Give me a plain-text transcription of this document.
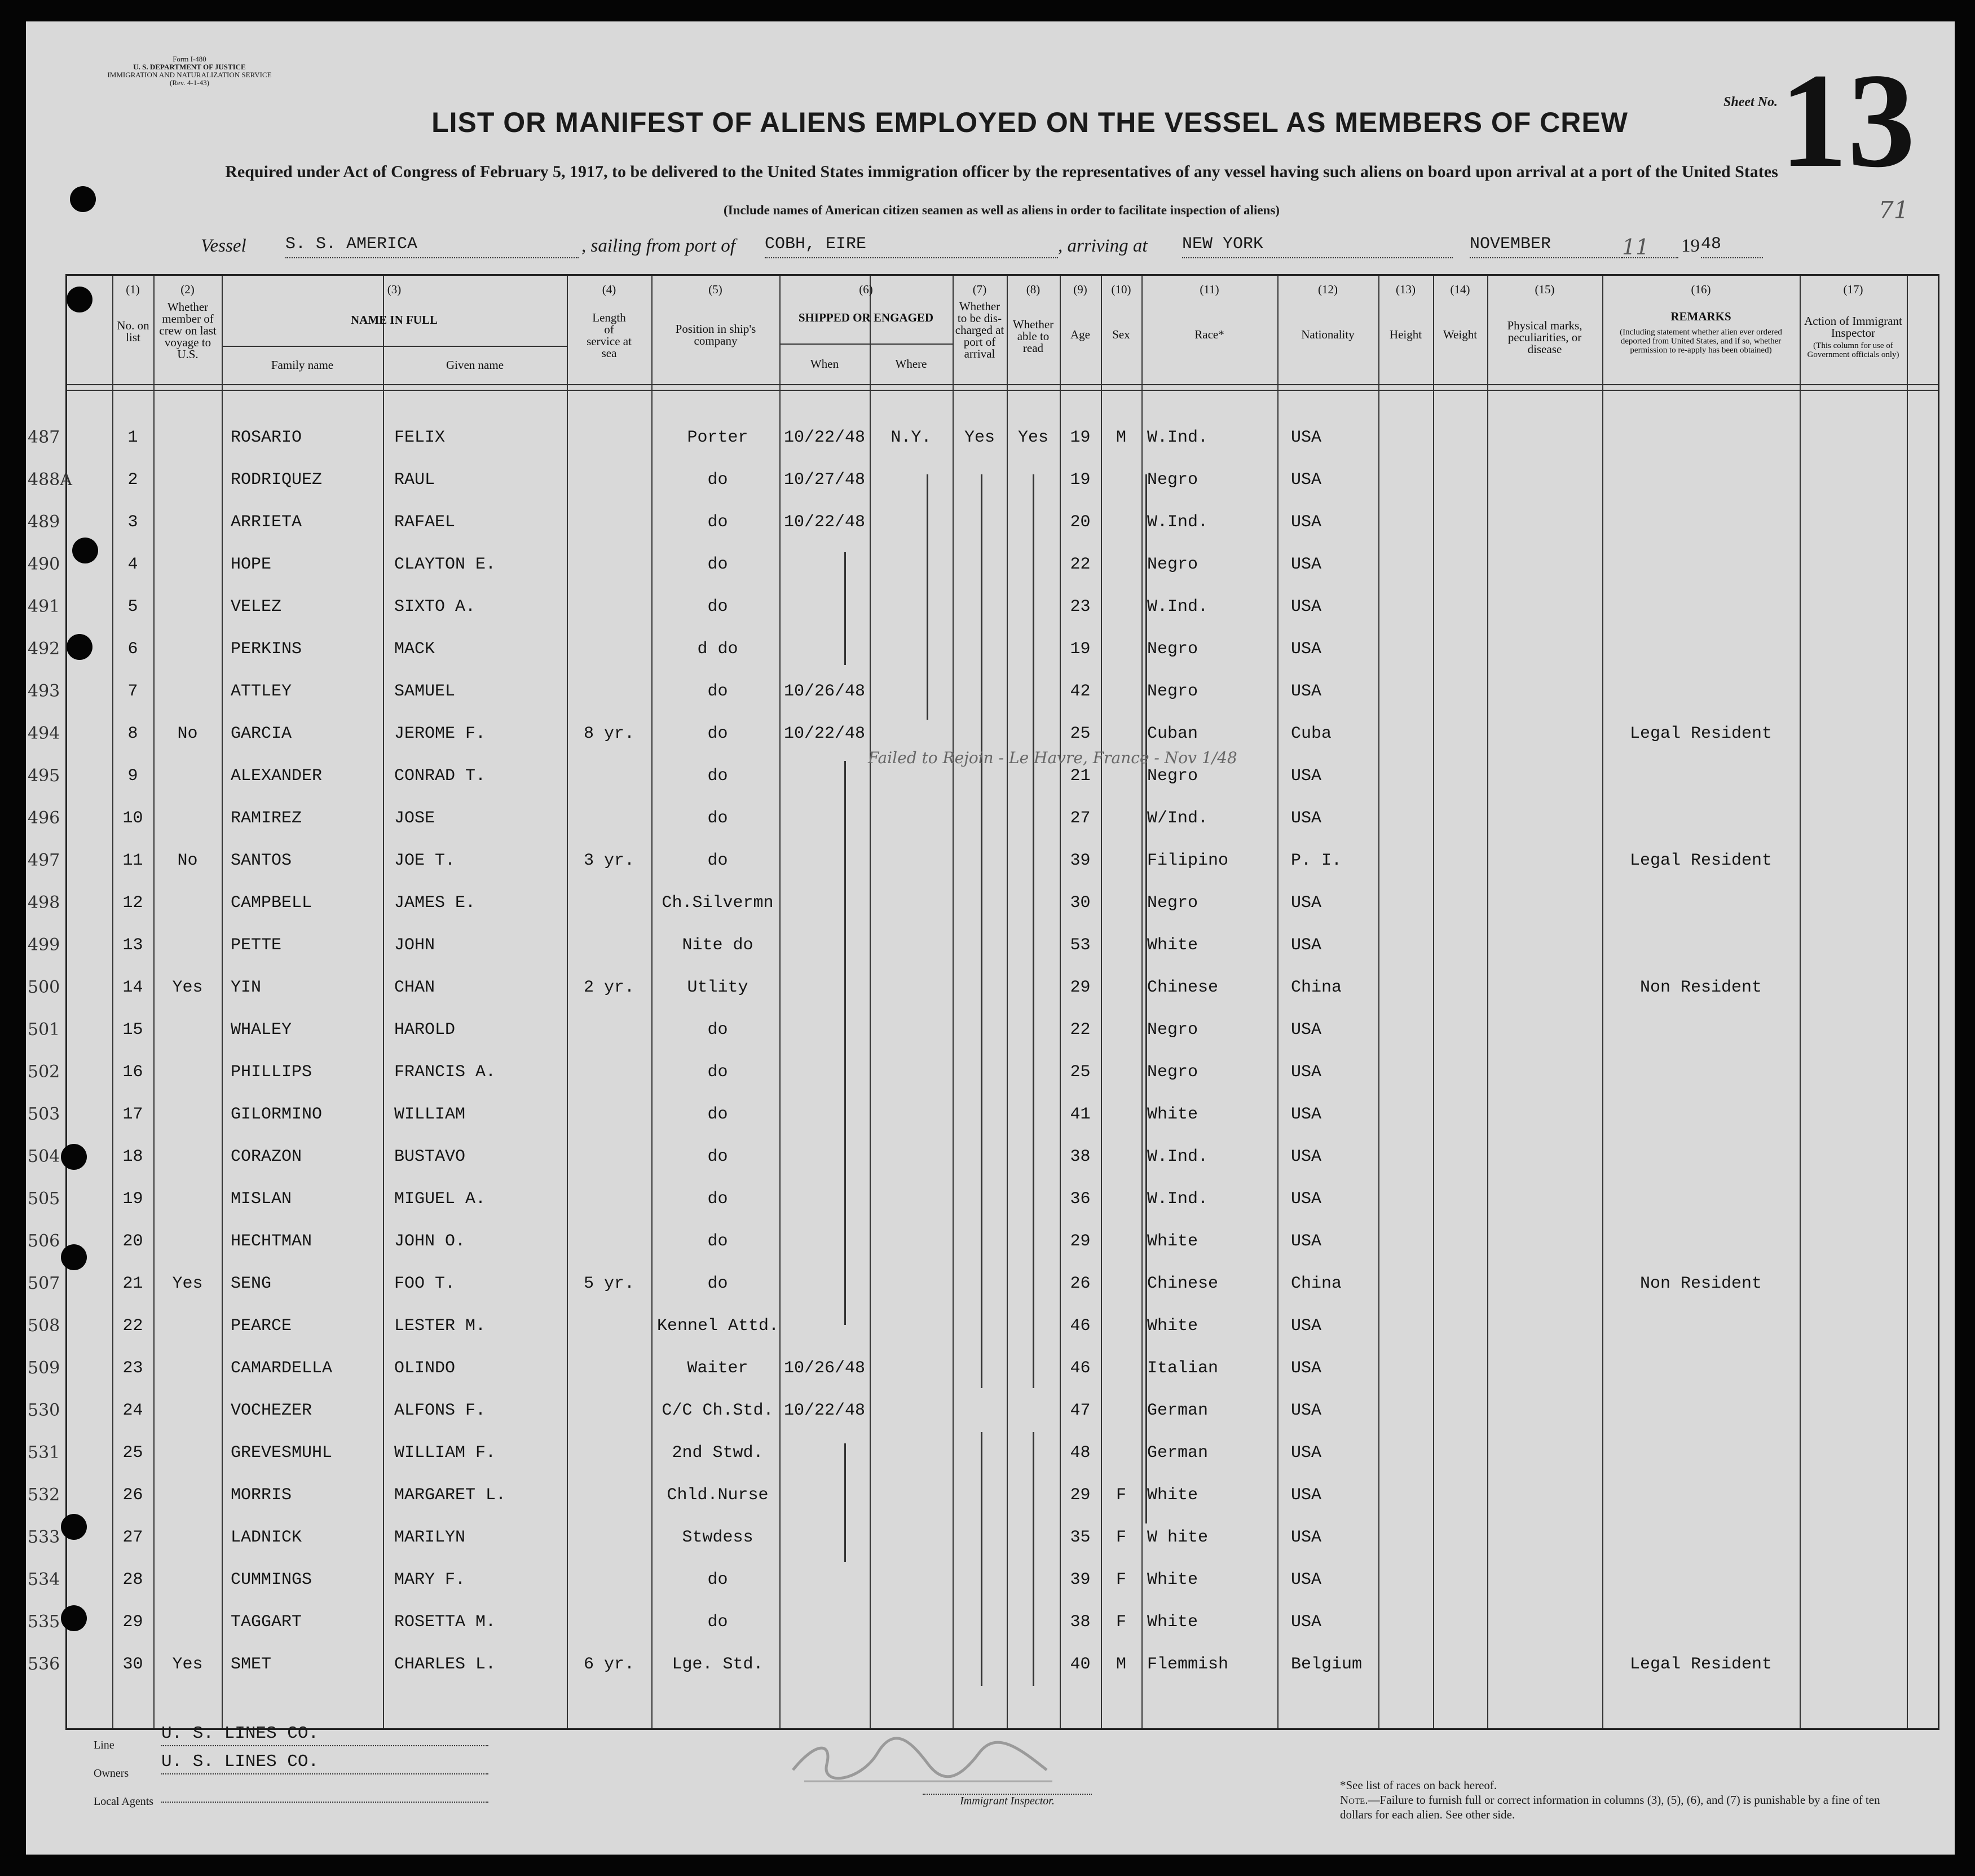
Form I-480
U. S. DEPARTMENT OF JUSTICE
IMMIGRATION AND NATURALIZATION SERVICE
(Rev. 4-1-43)
LIST OR MANIFEST OF ALIENS EMPLOYED ON THE VESSEL AS MEMBERS OF CREW
Required under Act of Congress of February 5, 1917, to be delivered to the United States immigration officer by the representatives of any vessel having such aliens on board upon arrival at a port of the United States
(Include names of American citizen seamen as well as aliens in order to facilitate inspection of aliens)
Sheet No. 13
71
Vessel S. S. AMERICA	, sailing from port of COBH, EIRE	, arriving at NEW YORK	NOVEMBER	11	19 48
(1)	(2)	(3)	(4)	(5)	(6)	(7)	(8)	(9)	(10)	(11)	(12)	(13)	(14)	(15)	(16)	(17)
No. on list
Whether member of crew on last voyage to U.S.
NAME IN FULL
Family name	Given name
Length of service at sea
Position in ship's company
SHIPPED OR ENGAGED
When	Where
Whether to be dis-charged at port of arrival
Whether able to read
Age	Sex	Race*	Nationality	Height	Weight
Physical marks, peculiarities, or disease
REMARKS
(Including statement whether alien ever ordered deported from United States, and if so, whether permission to re-apply has been obtained)
Action of Immigrant Inspector
(This column for use of Government officials only)
487	1	ROSARIO	FELIX	Porter	10/22/48	N.Y.	Yes	Yes	19	M	W.Ind.	USA
488A	2	RODRIQUEZ	RAUL	do	10/27/48	19	Negro	USA
489	3	ARRIETA	RAFAEL	do	10/22/48	20	W.Ind.	USA
490	4	HOPE	CLAYTON E.	do	22	Negro	USA
491	5	VELEZ	SIXTO A.	do	23	W.Ind.	USA
492	6	PERKINS	MACK	d do	19	Negro	USA
493	7	ATTLEY	SAMUEL	do	10/26/48	42	Negro	USA
494	8	No	GARCIA	JEROME F.	8 yr.	do	10/22/48	25	Cuban	Cuba	Legal Resident
495	9	ALEXANDER	CONRAD T.	do	21	Negro	USA
496	10	RAMIREZ	JOSE	do	27	W/Ind.	USA
497	11	No	SANTOS	JOE T.	3 yr.	do	39	Filipino	P. I.	Legal Resident
498	12	CAMPBELL	JAMES E.	Ch.Silvermn	30	Negro	USA
499	13	PETTE	JOHN	Nite do	53	White	USA
500	14	Yes	YIN	CHAN	2 yr.	Utlity	29	Chinese	China	Non Resident
501	15	WHALEY	HAROLD	do	22	Negro	USA
502	16	PHILLIPS	FRANCIS A.	do	25	Negro	USA
503	17	GILORMINO	WILLIAM	do	41	White	USA
504	18	CORAZON	BUSTAVO	do	38	W.Ind.	USA
505	19	MISLAN	MIGUEL A.	do	36	W.Ind.	USA
506	20	HECHTMAN	JOHN O.	do	29	White	USA
507	21	Yes	SENG	FOO T.	5 yr.	do	26	Chinese	China	Non Resident
508	22	PEARCE	LESTER M.	Kennel Attd.	46	White	USA
509	23	CAMARDELLA	OLINDO	Waiter	10/26/48	46	Italian	USA
530	24	VOCHEZER	ALFONS F.	C/C Ch.Std. 10/22/48	47	German	USA
531	25	GREVESMUHL	WILLIAM F.	2nd Stwd.	48	German	USA
532	26	MORRIS	MARGARET L.	Chld.Nurse	29	F	White	USA
533	27	LADNICK	MARILYN	Stwdess	35	F	W hite	USA
534	28	CUMMINGS	MARY F.	do	39	F	White	USA
535	29	TAGGART	ROSETTA M.	do	38	F	White	USA
536	30	Yes	SMET	CHARLES L.	6 yr.	Lge. Std.	40	M	Flemmish	Belgium	Legal Resident
Failed to Rejoin - Le Havre, France - Nov 1/48
Line
U. S. LINES CO.
Owners
U. S. LINES CO.
Local Agents	Immigrant Inspector.
*See list of races on back hereof.
Note.—Failure to furnish full or correct information in columns (3), (5), (6), and (7) is punishable by a fine of ten dollars for each alien. See other side.
